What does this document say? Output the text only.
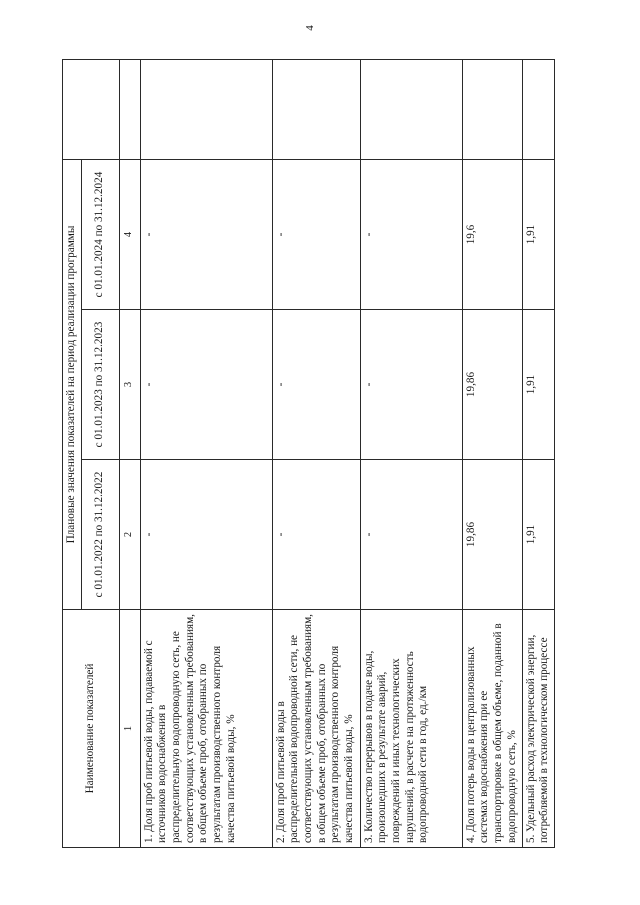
4
Наименование показателей	Плановые значения показателей на период реализации программы			
	с 01.01.2022 по 31.12.2022	с 01.01.2023 по 31.12.2023	с 01.01.2024 по 31.12.2024	
1	2	3	4	
1. Доля проб питьевой воды, подаваемой с источников водоснабжения в распределительную водопроводную сеть, не соответствующих установленным требованиям, в общем объеме проб, отобранных по результатам производственного контроля качества питьевой воды, %	-	-	-	
2. Доля проб питьевой воды в распределительной водопроводной сети, не соответствующих установленным требованиям, в общем объеме проб, отобранных по результатам производственного контроля качества питьевой воды, %	-	-	-	
3. Количество перерывов в подаче воды, произошедших в результате аварий, повреждений и иных технологических нарушений, в расчете на протяженность водопроводной сети в год, ед./км	-	-	-	
4. Доля потерь воды в централизованных системах водоснабжения при ее транспортировке в общем объеме, поданной в водопроводную сеть, %	19,86	19,86	19,6	
5. Удельный расход электрической энергии, потребляемой в технологическом процессе	1,91	1,91	1,91	
